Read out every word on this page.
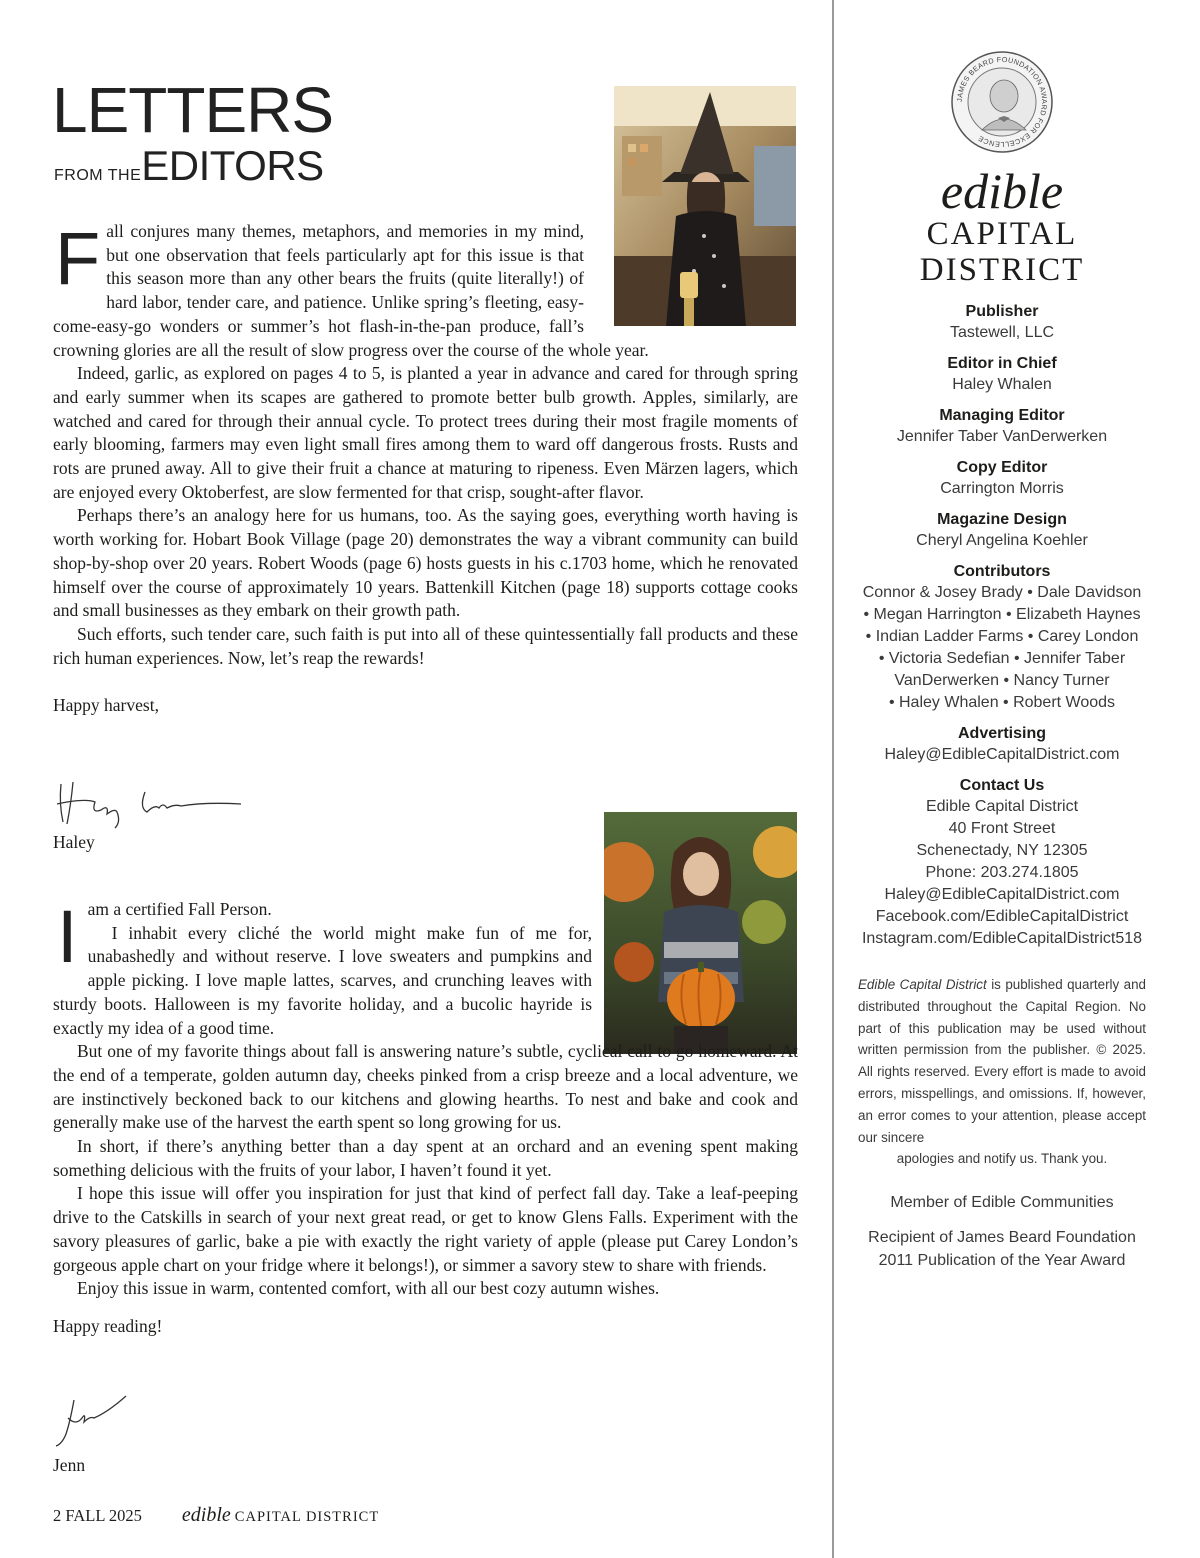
LETTERS
FROM THEEDITORS
F all conjures many themes, metaphors, and memories in my mind, but one observation that feels particularly apt for this issue is that this season more than any other bears the fruits (quite literally!) of hard labor, tender care, and patience. Unlike spring’s fleeting, easy-come-easy-go wonders or summer’s hot flash-in-the-pan produce, fall’s crowning glories are all the result of slow progress over the course of the whole year.

Indeed, garlic, as explored on pages 4 to 5, is planted a year in advance and cared for through spring and early summer when its scapes are gathered to promote better bulb growth. Apples, similarly, are watched and cared for through their annual cycle. To protect trees during their most fragile moments of early blooming, farmers may even light small fires among them to ward off dangerous frosts. Rusts and rots are pruned away. All to give their fruit a chance at maturing to ripeness. Even Märzen lagers, which are enjoyed every Oktoberfest, are slow fermented for that crisp, sought-after flavor.

Perhaps there’s an analogy here for us humans, too. As the saying goes, everything worth having is worth working for. Hobart Book Village (page 20) demonstrates the way a vibrant community can build shop-by-shop over 20 years. Robert Woods (page 6) hosts guests in his c.1703 home, which he renovated himself over the course of approximately 10 years. Battenkill Kitchen (page 18) supports cottage cooks and small businesses as they embark on their growth path.

Such efforts, such tender care, such faith is put into all of these quintessentially fall products and these rich human experiences. Now, let’s reap the rewards!

Happy harvest,

Haley
I am a certified Fall Person.

I inhabit every cliché the world might make fun of me for, unabashedly and without reserve. I love sweaters and pumpkins and apple picking. I love maple lattes, scarves, and crunching leaves with sturdy boots. Halloween is my favorite holiday, and a bucolic hayride is exactly my idea of a good time.

But one of my favorite things about fall is answering nature’s subtle, cyclical call to go homeward. At the end of a temperate, golden autumn day, cheeks pinked from a crisp breeze and a local adventure, we are instinctively beckoned back to our kitchens and glowing hearths. To nest and bake and cook and generally make use of the harvest the earth spent so long growing for us.

In short, if there’s anything better than a day spent at an orchard and an evening spent making something delicious with the fruits of your labor, I haven’t found it yet.

I hope this issue will offer you inspiration for just that kind of perfect fall day. Take a leaf-peeping drive to the Catskills in search of your next great read, or get to know Glens Falls. Experiment with the savory pleasures of garlic, bake a pie with exactly the right variety of apple (please put Carey London’s gorgeous apple chart on your fridge where it belongs!), or simmer a savory stew to share with friends.

Enjoy this issue in warm, contented comfort, with all our best cozy autumn wishes.

Happy reading!

Jenn
2 FALL 2025 edible CAPITAL DISTRICT
JAMES BEARD FOUNDATION AWARD FOR EXCELLENCE
edible
CAPITAL
DISTRICT
Publisher
Tastewell, LLC
Editor in Chief
Haley Whalen
Managing Editor
Jennifer Taber VanDerwerken
Copy Editor
Carrington Morris
Magazine Design
Cheryl Angelina Koehler
Contributors
Connor & Josey Brady • Dale Davidson
• Megan Harrington • Elizabeth Haynes
• Indian Ladder Farms • Carey London
• Victoria Sedefian • Jennifer Taber
VanDerwerken • Nancy Turner
• Haley Whalen • Robert Woods
Advertising
Haley@EdibleCapitalDistrict.com
Contact Us
Edible Capital District
40 Front Street
Schenectady, NY 12305
Phone: 203.274.1805
Haley@EdibleCapitalDistrict.com
Facebook.com/EdibleCapitalDistrict
Instagram.com/EdibleCapitalDistrict518
Edible Capital District is published quarterly and distributed throughout the Capital Region. No part of this publication may be used without written permission from the publisher. © 2025. All rights reserved. Every effort is made to avoid errors, misspellings, and omissions. If, however, an error comes to your attention, please accept our sincere
apologies and notify us. Thank you.
Member of Edible Communities
Recipient of James Beard Foundation
2011 Publication of the Year Award
